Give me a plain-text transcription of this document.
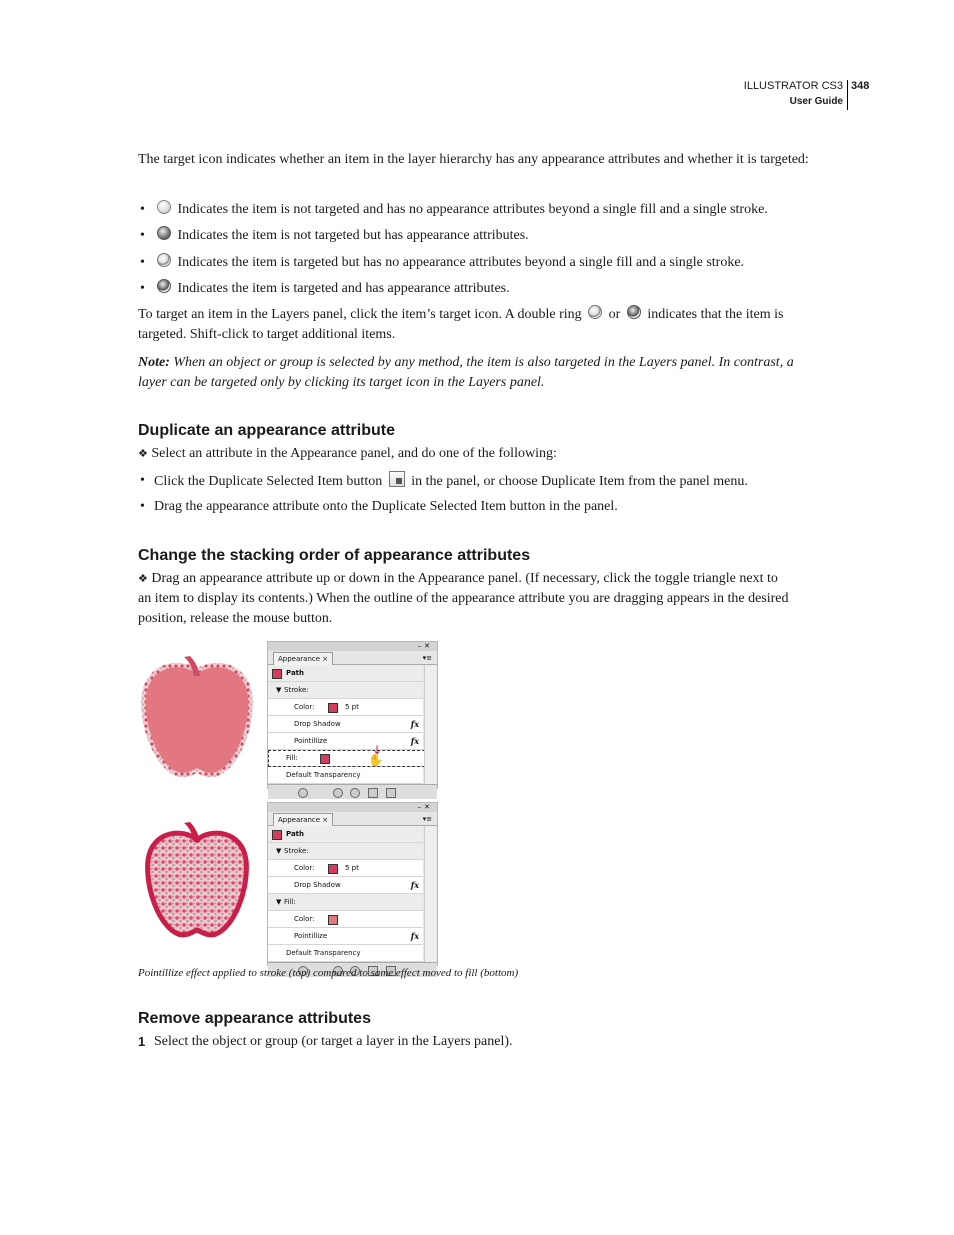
ILLUSTRATOR CS3
User Guide
348
The target icon indicates whether an item in the layer hierarchy has any appearance attributes and whether it is targeted:
•	Indicates the item is not targeted and has no appearance attributes beyond a single fill and a single stroke.
•	Indicates the item is not targeted but has appearance attributes.
•	Indicates the item is targeted but has no appearance attributes beyond a single fill and a single stroke.
•	Indicates the item is targeted and has appearance attributes.
To target an item in the Layers panel, click the item’s target icon. A double ring or indicates that the item is
targeted. Shift-click to target additional items.
Note: When an object or group is selected by any method, the item is also targeted in the Layers panel. In contrast, a
layer can be targeted only by clicking its target icon in the Layers panel.
Duplicate an appearance attribute
❖ Select an attribute in the Appearance panel, and do one of the following:
• Click the Duplicate Selected Item button in the panel, or choose Duplicate Item from the panel menu.
• Drag the appearance attribute onto the Duplicate Selected Item button in the panel.
Change the stacking order of appearance attributes
❖ Drag an appearance attribute up or down in the Appearance panel. (If necessary, click the toggle triangle next to
an item to display its contents.) When the outline of the appearance attribute you are dragging appears in the desired
position, release the mouse button.
–✕
Appearance ×	▾≡
Path
▼ Stroke:
Color:	5 pt
Drop Shadow	fx
Pointillize	fx
Fill:
↓
✋
Default Transparency
–✕
Appearance ×	▾≡
Path
▼ Stroke:
Color:	5 pt
Drop Shadow	fx
▼ Fill:
Color:
Pointillize	fx
Default Transparency
Pointillize effect applied to stroke (top) compared to same effect moved to fill (bottom)
Remove appearance attributes
1 Select the object or group (or target a layer in the Layers panel).
